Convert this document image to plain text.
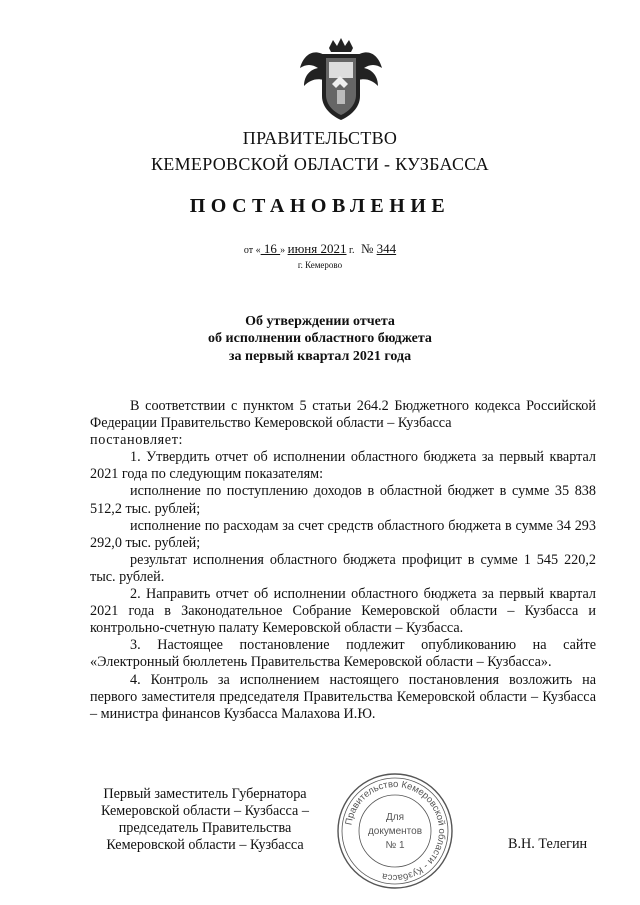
ПРАВИТЕЛЬСТВО
КЕМЕРОВСКОЙ ОБЛАСТИ - КУЗБАССА
ПОСТАНОВЛЕНИЕ
от « 16 » июня 2021 г. № 344
г. Кемерово
Об утверждении отчета
об исполнении областного бюджета
за первый квартал 2021 года

В соответствии с пунктом 5 статьи 264.2 Бюджетного кодекса Российской Федерации Правительство Кемеровской области – Кузбасса

постановляет:

1. Утвердить отчет об исполнении областного бюджета за первый квартал 2021 года по следующим показателям:

исполнение по поступлению доходов в областной бюджет в сумме 35 838 512,2 тыс. рублей;

исполнение по расходам за счет средств областного бюджета в сумме 34 293 292,0 тыс. рублей;

результат исполнения областного бюджета профицит в сумме 1 545 220,2 тыс. рублей.

2. Направить отчет об исполнении областного бюджета за первый квартал 2021 года в Законодательное Собрание Кемеровской области – Кузбасса и контрольно-счетную палату Кемеровской области – Кузбасса.

3. Настоящее постановление подлежит опубликованию на сайте «Электронный бюллетень Правительства Кемеровской области – Кузбасса».

4. Контроль за исполнением настоящего постановления возложить на первого заместителя председателя Правительства Кемеровской области – Кузбасса – министра финансов Кузбасса Малахова И.Ю.

Первый заместитель Губернатора
Кемеровской области – Кузбасса –
председатель Правительства
Кемеровской области – Кузбасса
Правительство Кемеровской области - Кузбасса
Для
документов
№ 1	В.Н. Телегин
